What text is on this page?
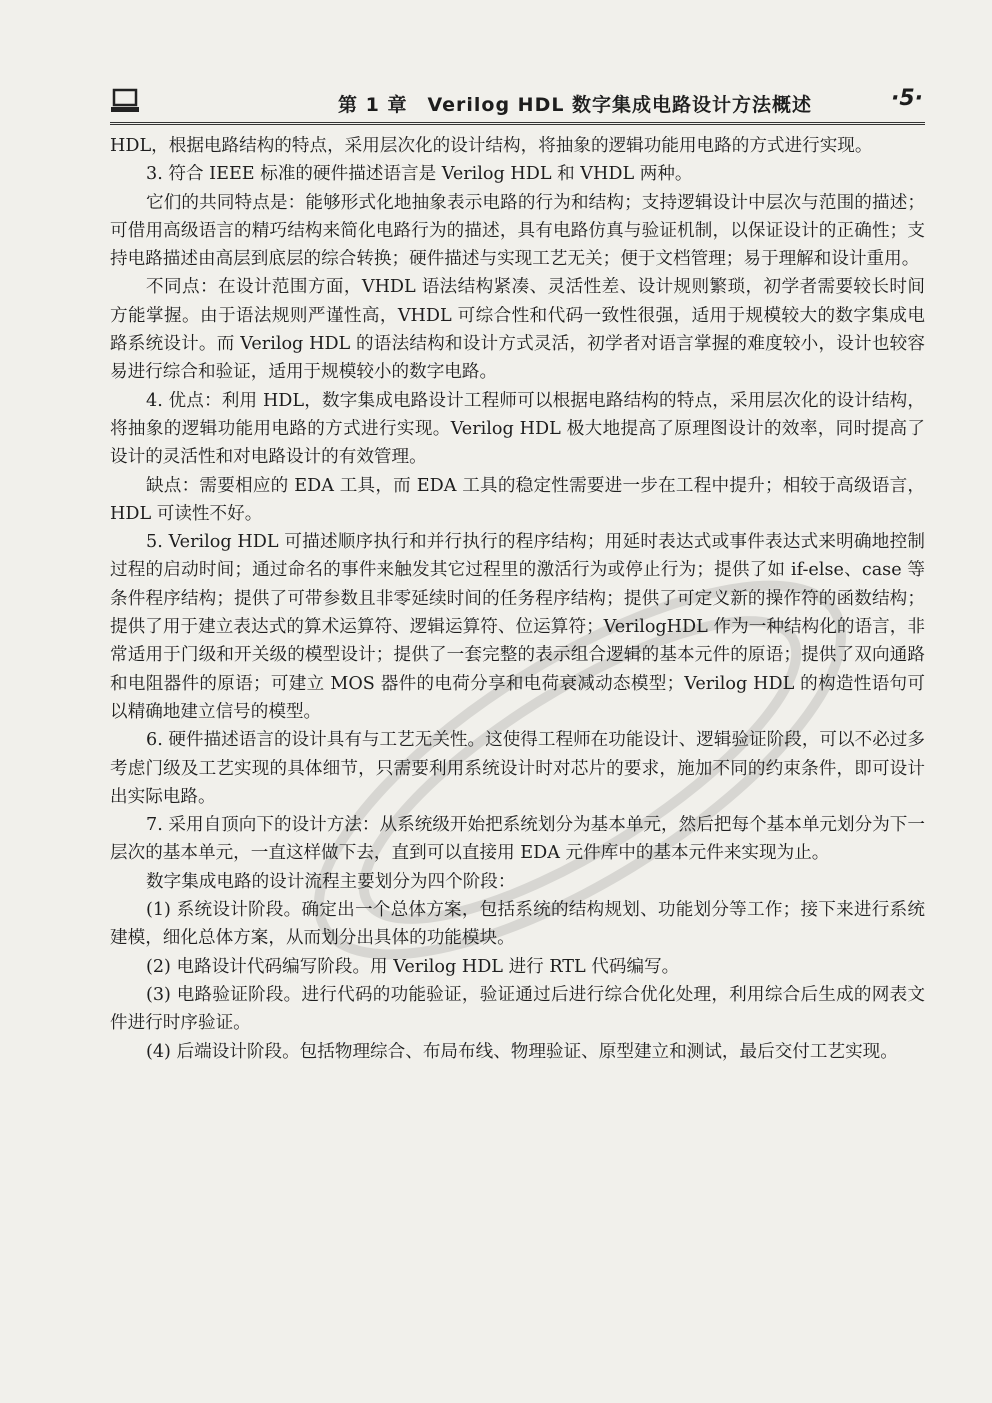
第 1 章　Verilog HDL 数字集成电路设计方法概述	·5·

HDL，根据电路结构的特点，采用层次化的设计结构，将抽象的逻辑功能用电路的方式进行实现。

3. 符合 IEEE 标准的硬件描述语言是 Verilog HDL 和 VHDL 两种。

它们的共同特点是：能够形式化地抽象表示电路的行为和结构；支持逻辑设计中层次与范围的描述；可借用高级语言的精巧结构来简化电路行为的描述，具有电路仿真与验证机制，以保证设计的正确性；支持电路描述由高层到底层的综合转换；硬件描述与实现工艺无关；便于文档管理；易于理解和设计重用。

不同点：在设计范围方面，VHDL 语法结构紧凑、灵活性差、设计规则繁琐，初学者需要较长时间方能掌握。由于语法规则严谨性高，VHDL 可综合性和代码一致性很强，适用于规模较大的数字集成电路系统设计。而 Verilog HDL 的语法结构和设计方式灵活，初学者对语言掌握的难度较小，设计也较容易进行综合和验证，适用于规模较小的数字电路。

4. 优点：利用 HDL，数字集成电路设计工程师可以根据电路结构的特点，采用层次化的设计结构，将抽象的逻辑功能用电路的方式进行实现。Verilog HDL 极大地提高了原理图设计的效率，同时提高了设计的灵活性和对电路设计的有效管理。

缺点：需要相应的 EDA 工具，而 EDA 工具的稳定性需要进一步在工程中提升；相较于高级语言，HDL 可读性不好。

5. Verilog HDL 可描述顺序执行和并行执行的程序结构；用延时表达式或事件表达式来明确地控制过程的启动时间；通过命名的事件来触发其它过程里的激活行为或停止行为；提供了如 if-else、case 等条件程序结构；提供了可带参数且非零延续时间的任务程序结构；提供了可定义新的操作符的函数结构；提供了用于建立表达式的算术运算符、逻辑运算符、位运算符；VerilogHDL 作为一种结构化的语言，非常适用于门级和开关级的模型设计；提供了一套完整的表示组合逻辑的基本元件的原语；提供了双向通路和电阻器件的原语；可建立 MOS 器件的电荷分享和电荷衰减动态模型；Verilog HDL 的构造性语句可以精确地建立信号的模型。

6. 硬件描述语言的设计具有与工艺无关性。这使得工程师在功能设计、逻辑验证阶段，可以不必过多考虑门级及工艺实现的具体细节，只需要利用系统设计时对芯片的要求，施加不同的约束条件，即可设计出实际电路。

7. 采用自顶向下的设计方法：从系统级开始把系统划分为基本单元，然后把每个基本单元划分为下一层次的基本单元，一直这样做下去，直到可以直接用 EDA 元件库中的基本元件来实现为止。

数字集成电路的设计流程主要划分为四个阶段：

(1) 系统设计阶段。确定出一个总体方案，包括系统的结构规划、功能划分等工作；接下来进行系统建模，细化总体方案，从而划分出具体的功能模块。

(2) 电路设计代码编写阶段。用 Verilog HDL 进行 RTL 代码编写。

(3) 电路验证阶段。进行代码的功能验证，验证通过后进行综合优化处理，利用综合后生成的网表文件进行时序验证。

(4) 后端设计阶段。包括物理综合、布局布线、物理验证、原型建立和测试，最后交付工艺实现。
